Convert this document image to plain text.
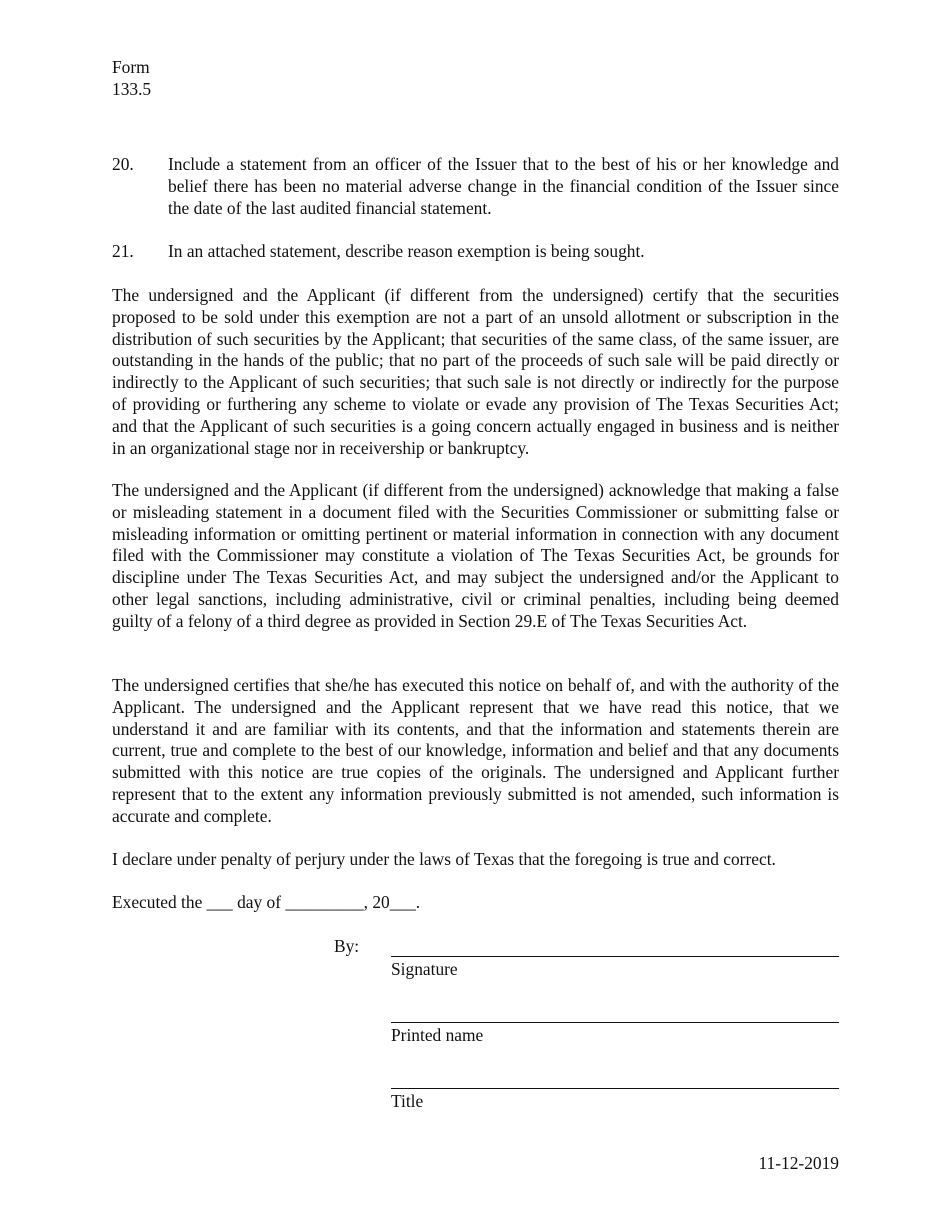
Form
133.5
20. Include a statement from an officer of the Issuer that to the best of his or her knowledge and belief there has been no material adverse change in the financial condition of the Issuer since the date of the last audited financial statement.
21. In an attached statement, describe reason exemption is being sought.

The undersigned and the Applicant (if different from the undersigned) certify that the securities proposed to be sold under this exemption are not a part of an unsold allotment or subscription in the distribution of such securities by the Applicant; that securities of the same class, of the same issuer, are outstanding in the hands of the public; that no part of the proceeds of such sale will be paid directly or indirectly to the Applicant of such securities; that such sale is not directly or indirectly for the purpose of providing or furthering any scheme to violate or evade any provision of The Texas Securities Act; and that the Applicant of such securities is a going concern actually engaged in business and is neither in an organizational stage nor in receivership or bankruptcy.

The undersigned and the Applicant (if different from the undersigned) acknowledge that making a false or misleading statement in a document filed with the Securities Commissioner or submitting false or misleading information or omitting pertinent or material information in connection with any document filed with the Commissioner may constitute a violation of The Texas Securities Act, be grounds for discipline under The Texas Securities Act, and may subject the undersigned and/or the Applicant to other legal sanctions, including administrative, civil or criminal penalties, including being deemed guilty of a felony of a third degree as provided in Section 29.E of The Texas Securities Act.

The undersigned certifies that she/he has executed this notice on behalf of, and with the authority of the Applicant. The undersigned and the Applicant represent that we have read this notice, that we understand it and are familiar with its contents, and that the information and statements therein are current, true and complete to the best of our knowledge, information and belief and that any documents submitted with this notice are true copies of the originals. The undersigned and Applicant further represent that to the extent any information previously submitted is not amended, such information is accurate and complete.

I declare under penalty of perjury under the laws of Texas that the foregoing is true and correct.

Executed the ___ day of _________, 20___.

By:
Signature
Printed name
Title
11-12-2019
